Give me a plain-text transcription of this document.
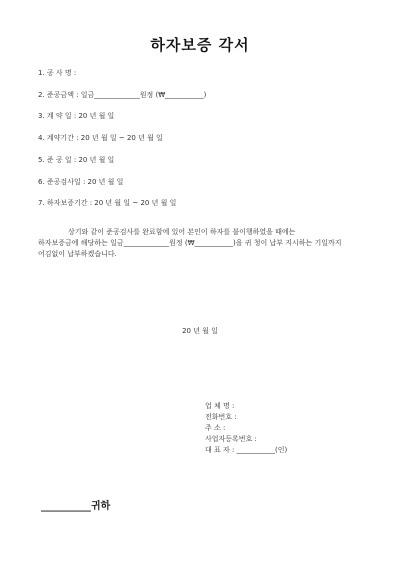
하자보증 각서
1. 공 사 명 :
2. 준공금액 : 일금_____________원정 (₩___________)
3. 계 약 일 : 20 년 월 일
4. 계약기간 : 20 년 월 일 ~ 20 년 월 일
5. 준 공 일 : 20 년 월 일
6. 준공검사일 : 20 년 월 일
7. 하자보증기간 : 20 년 월 일 ~ 20 년 월 일
상기와 같이 준공검사를 완료함에 있어 본인이 하자를 불이행하였을 때에는
하자보증금에 해당하는 일금_____________원정 (₩___________)을 귀 청이 납부 지시하는 기일까지
어김없이 납부하겠습니다.
20 년 월 일
업 체 명 :
전화번호 :
주 소 :
사업자등록번호 :
대 표 자 : ___________(인)
__________귀하
